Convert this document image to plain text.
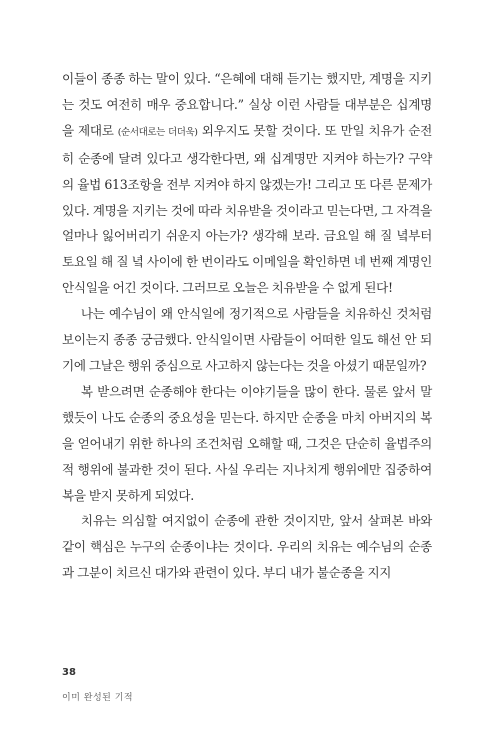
이들이 종종 하는 말이 있다. “은혜에 대해 듣기는 했지만, 계명을 지키는 것도 여전히 매우 중요합니다.” 실상 이런 사람들 대부분은 십계명을 제대로 (순서대로는 더더욱) 외우지도 못할 것이다. 또 만일 치유가 순전히 순종에 달려 있다고 생각한다면, 왜 십계명만 지켜야 하는가? 구약의 율법 613조항을 전부 지켜야 하지 않겠는가! 그리고 또 다른 문제가 있다. 계명을 지키는 것에 따라 치유받을 것이라고 믿는다면, 그 자격을 얼마나 잃어버리기 쉬운지 아는가? 생각해 보라. 금요일 해 질 녘부터 토요일 해 질 녘 사이에 한 번이라도 이메일을 확인하면 네 번째 계명인 안식일을 어긴 것이다. 그러므로 오늘은 치유받을 수 없게 된다!

나는 예수님이 왜 안식일에 정기적으로 사람들을 치유하신 것처럼 보이는지 종종 궁금했다. 안식일이면 사람들이 어떠한 일도 해선 안 되기에 그날은 행위 중심으로 사고하지 않는다는 것을 아셨기 때문일까?

복 받으려면 순종해야 한다는 이야기들을 많이 한다. 물론 앞서 말했듯이 나도 순종의 중요성을 믿는다. 하지만 순종을 마치 아버지의 복을 얻어내기 위한 하나의 조건처럼 오해할 때, 그것은 단순히 율법주의적 행위에 불과한 것이 된다. 사실 우리는 지나치게 행위에만 집중하여 복을 받지 못하게 되었다.

치유는 의심할 여지없이 순종에 관한 것이지만, 앞서 살펴본 바와 같이 핵심은 누구의 순종이냐는 것이다. 우리의 치유는 예수님의 순종과 그분이 치르신 대가와 관련이 있다. 부디 내가 불순종을 지지

38

이미 완성된 기적
